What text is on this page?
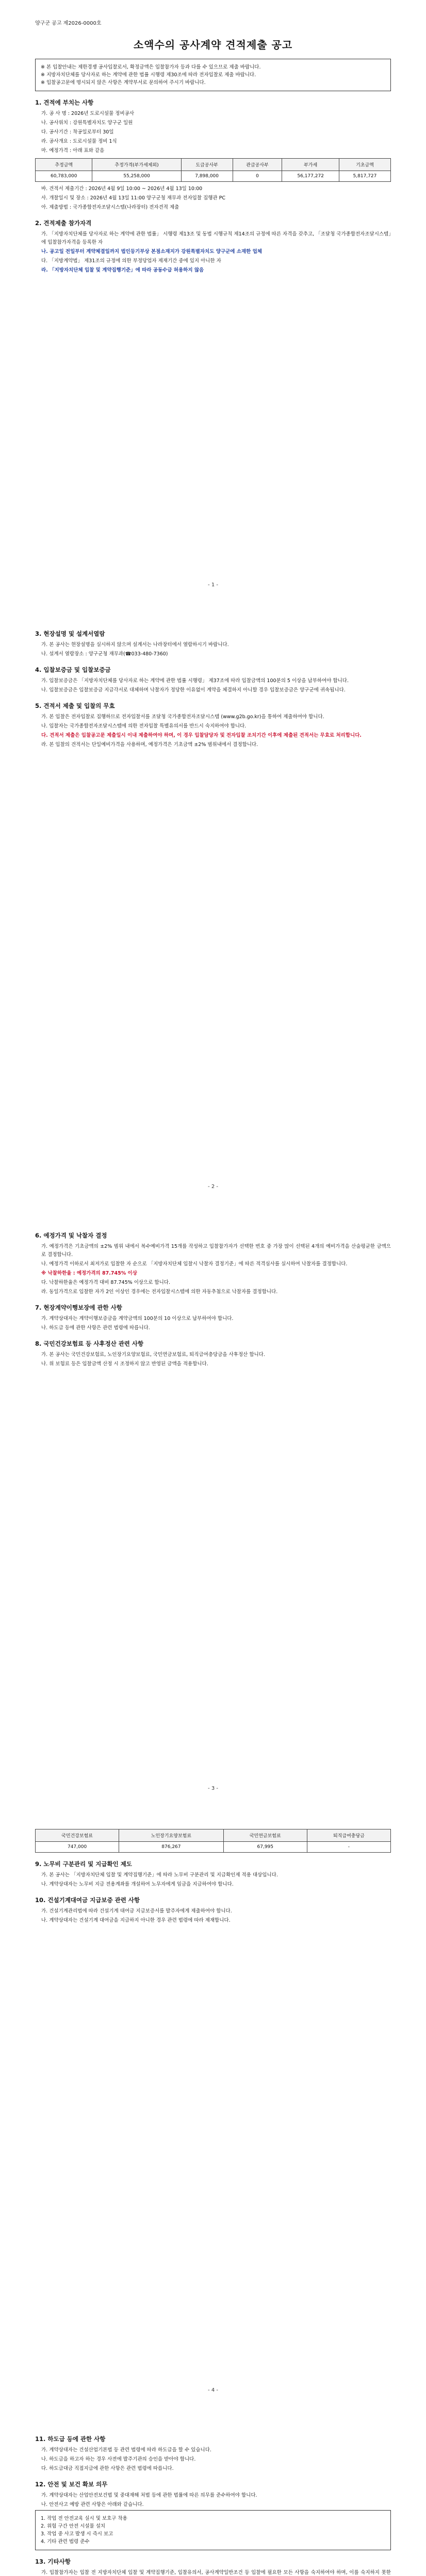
양구군 공고 제2026-0000호

소액수의 공사계약 견적제출 공고

※ 본 입찰안내는 제한경쟁 공사입찰로서, 확정금액은 입찰참가자 등과 다를 수 있으므로 제출 바랍니다.

※ 지방자치단체를 당사자로 하는 계약에 관한 법률 시행령 제30조에 따라 전자입찰로 제출 바랍니다.

※ 입찰공고문에 명시되지 않은 사항은 계약부서로 문의하여 주시기 바랍니다.

1. 견적에 부치는 사항

가. 공 사 명 : 2026년 도로시설물 정비공사

나. 공사위치 : 강원특별자치도 양구군 일원

다. 공사기간 : 착공일로부터 30일

라. 공사개요 : 도로시설물 정비 1식

마. 예정가격 : 아래 표와 같음

추정금액	추정가격(부가세제외)	도급공사부	관급공사부	부가세	기초금액
60,783,000	55,258,000	7,898,000	0	56,177,272	5,817,727

바. 견적서 제출기간 : 2026년 4월 9일 10:00 ~ 2026년 4월 13일 10:00

사. 개찰일시 및 장소 : 2026년 4월 13일 11:00 양구군청 재무과 전자입찰 집행관 PC

아. 제출방법 : 국가종합전자조달시스템(나라장터) 전자견적 제출

2. 견적제출 참가자격

가. 「지방자치단체를 당사자로 하는 계약에 관한 법률」 시행령 제13조 및 동법 시행규칙 제14조의 규정에 따른 자격을 갖추고, 「조달청 국가종합전자조달시스템」에 입찰참가자격을 등록한 자

나. 공고일 전일부터 계약체결일까지 법인등기부상 본점소재지가 강원특별자치도 양구군에 소재한 업체

다. 「지방계약법」 제31조의 규정에 의한 부정당업자 제재기간 중에 있지 아니한 자

라. 「지방자치단체 입찰 및 계약집행기준」에 따라 공동수급 허용하지 않음

- 1 -
3. 현장설명 및 설계서열람

가. 본 공사는 현장설명을 실시하지 않으며 설계서는 나라장터에서 열람하시기 바랍니다.

나. 설계서 열람장소 : 양구군청 재무과(☎033-480-7360)

4. 입찰보증금 및 입찰보증금

가. 입찰보증금은 「지방자치단체를 당사자로 하는 계약에 관한 법률 시행령」 제37조에 따라 입찰금액의 100분의 5 이상을 납부하여야 합니다.

나. 입찰보증금은 입찰보증금 지급각서로 대체하며 낙찰자가 정당한 이유없이 계약을 체결하지 아니할 경우 입찰보증금은 양구군에 귀속됩니다.

5. 견적서 제출 및 입찰의 무효

가. 본 입찰은 전자입찰로 집행하므로 전자입찰서를 조달청 국가종합전자조달시스템 (www.g2b.go.kr)을 통하여 제출하여야 합니다.

나. 입찰자는 국가종합전자조달시스템에 의한 전자입찰 특별유의서를 반드시 숙지하여야 합니다.

다. 견적서 제출은 입찰공고문 제출일시 이내 제출하여야 하며, 이 경우 입찰담당자 및 전자입찰 조치기간 이후에 제출된 견적서는 무효로 처리합니다.

라. 본 입찰의 견적서는 단일예비가격을 사용하며, 예정가격은 기초금액 ±2% 범위내에서 결정합니다.

- 2 -
6. 예정가격 및 낙찰자 결정

가. 예정가격은 기초금액의 ±2% 범위 내에서 복수예비가격 15개를 작성하고 입찰참가자가 선택한 번호 중 가장 많이 선택된 4개의 예비가격을 산술평균한 금액으로 결정합니다.

나. 예정가격 이하로서 최저가로 입찰한 자 순으로 「지방자치단체 입찰시 낙찰자 결정기준」에 따른 적격심사를 실시하여 낙찰자를 결정합니다.

※ 낙찰하한율 : 예정가격의 87.745% 이상

다. 낙찰하한율은 예정가격 대비 87.745% 이상으로 합니다.

라. 동일가격으로 입찰한 자가 2인 이상인 경우에는 전자입찰시스템에 의한 자동추첨으로 낙찰자를 결정합니다.

7. 현장계약이행보장에 관한 사항

가. 계약상대자는 계약이행보증금을 계약금액의 100분의 10 이상으로 납부하여야 합니다.

나. 하도급 등에 관한 사항은 관련 법령에 따릅니다.

8. 국민건강보험료 등 사후정산 관련 사항

가. 본 공사는 국민건강보험료, 노인장기요양보험료, 국민연금보험료, 퇴직급여충당금을 사후정산 합니다.

나. 위 보험료 등은 입찰금액 산정 시 조정하지 않고 반영된 금액을 적용합니다.

- 3 -
국민건강보험료	노인장기요양보험료	국민연금보험료	퇴직급여충당금
747,000	876,267	67,995	-
9. 노무비 구분관리 및 지급확인 제도

가. 본 공사는 「지방자치단체 입찰 및 계약집행기준」에 따라 노무비 구분관리 및 지급확인제 적용 대상입니다.

나. 계약상대자는 노무비 지급 전용계좌를 개설하여 노무자에게 임금을 지급하여야 합니다.

10. 건설기계대여금 지급보증 관련 사항

가. 건설기계관리법에 따라 건설기계 대여금 지급보증서를 발주자에게 제출하여야 합니다.

나. 계약상대자는 건설기계 대여금을 지급하지 아니한 경우 관련 법령에 따라 제재합니다.

- 4 -
11. 하도급 등에 관한 사항

가. 계약상대자는 건설산업기본법 등 관련 법령에 따라 하도급을 할 수 있습니다.

나. 하도급을 하고자 하는 경우 사전에 발주기관의 승인을 받아야 합니다.

다. 하도급대금 직접지급에 관한 사항은 관련 법령에 따릅니다.

12. 안전 및 보건 확보 의무

가. 계약상대자는 산업안전보건법 및 중대재해 처벌 등에 관한 법률에 따른 의무를 준수하여야 합니다.

나. 안전사고 예방 관련 사항은 아래와 같습니다.

1. 작업 전 안전교육 실시 및 보호구 착용

2. 위험 구간 안전 시설물 설치

3. 작업 중 사고 발생 시 즉시 보고

4. 기타 관련 법령 준수

13. 기타사항

가. 입찰참가자는 입찰 전 지방자치단체 입찰 및 계약집행기준, 입찰유의서, 공사계약일반조건 등 입찰에 필요한 모든 사항을 숙지하여야 하며, 이를 숙지하지 못한
